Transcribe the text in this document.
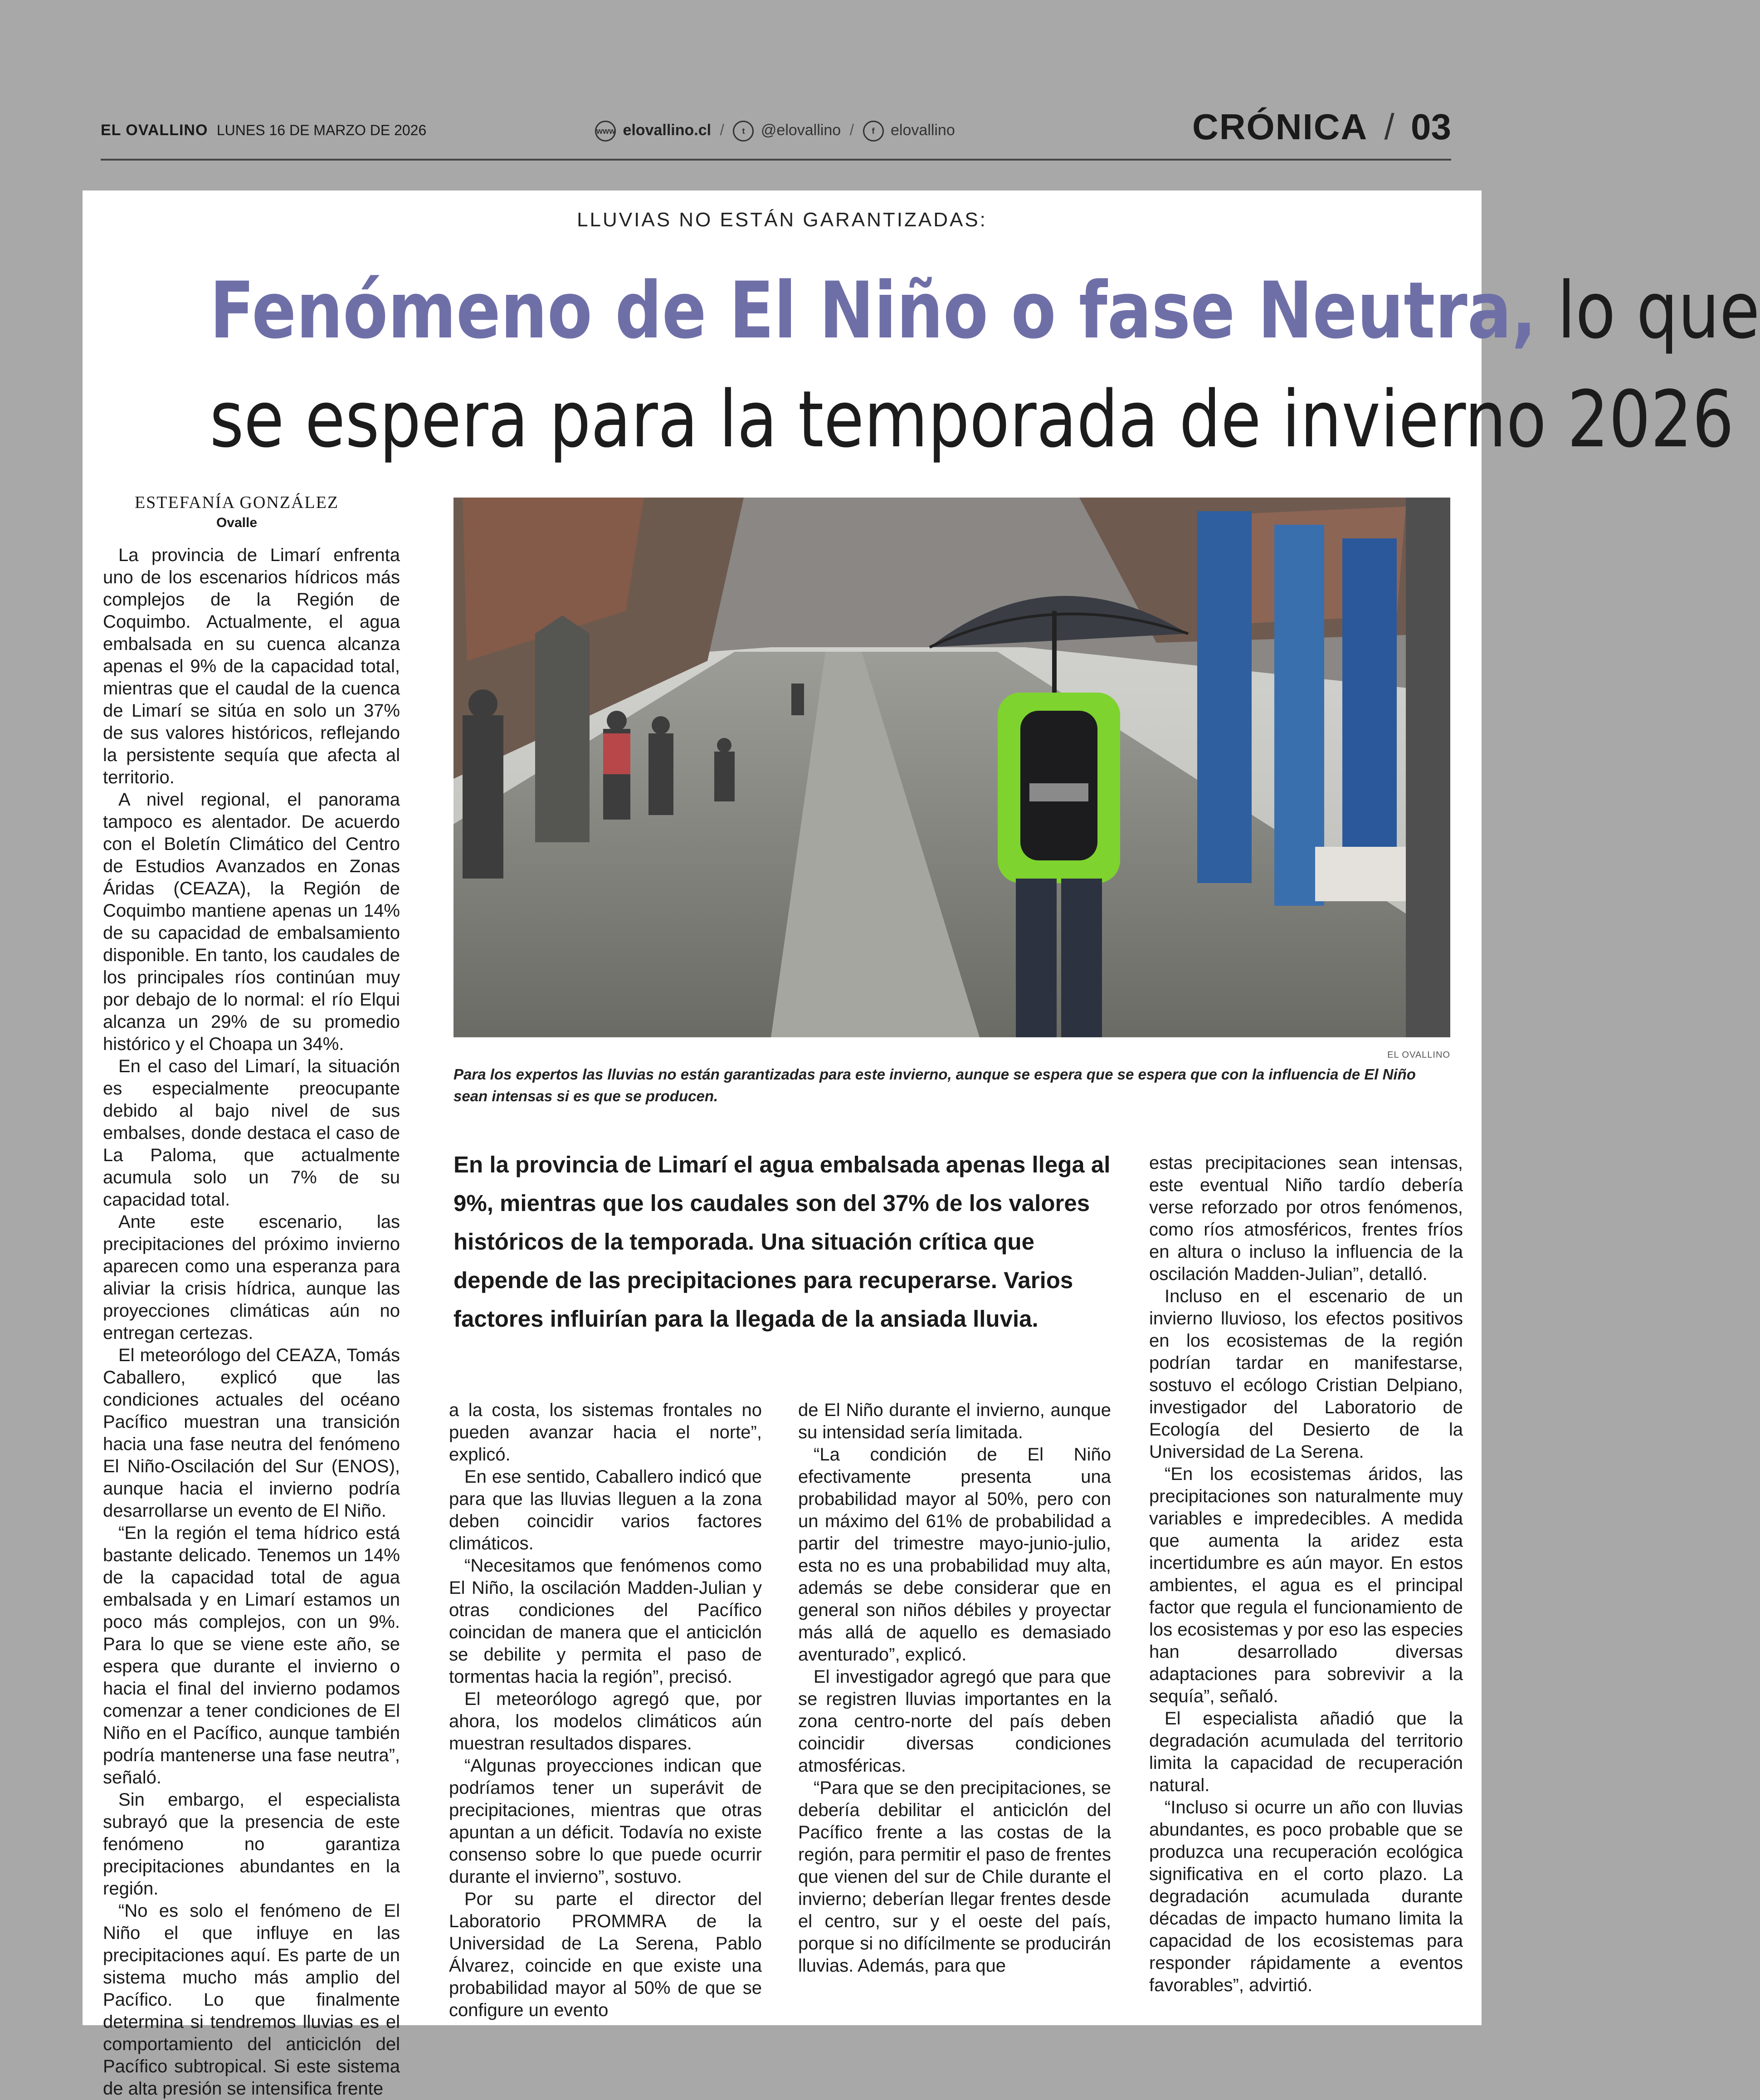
EL OVALLINO LUNES 16 DE MARZO DE 2026	www elovallino.cl / t @elovallino / f elovallino	CRÓNICA / 03
LLUVIAS NO ESTÁN GARANTIZADAS:
Fenómeno de El Niño o fase Neutra, lo que
se espera para la temporada de invierno 2026
ESTEFANÍA GONZÁLEZ
Ovalle

La provincia de Limarí enfrenta uno de los escenarios hídricos más complejos de la Región de Coquimbo. Actualmente, el agua embalsada en su cuenca alcanza apenas el 9% de la capacidad total, mientras que el caudal de la cuenca de Limarí se sitúa en solo un 37% de sus valores históricos, reflejando la persistente sequía que afecta al territorio.

A nivel regional, el panorama tampoco es alentador. De acuerdo con el Boletín Climático del Centro de Estudios Avanzados en Zonas Áridas (CEAZA), la Región de Coquimbo mantiene apenas un 14% de su capacidad de embalsamiento disponible. En tanto, los caudales de los principales ríos continúan muy por debajo de lo normal: el río Elqui alcanza un 29% de su promedio histórico y el Choapa un 34%.

En el caso del Limarí, la situación es especialmente preocupante debido al bajo nivel de sus embalses, donde destaca el caso de La Paloma, que actualmente acumula solo un 7% de su capacidad total.

Ante este escenario, las precipitaciones del próximo invierno aparecen como una esperanza para aliviar la crisis hídrica, aunque las proyecciones climáticas aún no entregan certezas.

El meteorólogo del CEAZA, Tomás Caballero, explicó que las condiciones actuales del océano Pacífico muestran una transición hacia una fase neutra del fenómeno El Niño-Oscilación del Sur (ENOS), aunque hacia el invierno podría desarrollarse un evento de El Niño.

“En la región el tema hídrico está bastante delicado. Tenemos un 14% de la capacidad total de agua embalsada y en Limarí estamos un poco más complejos, con un 9%. Para lo que se viene este año, se espera que durante el invierno o hacia el final del invierno podamos comenzar a tener condiciones de El Niño en el Pacífico, aunque también podría mantenerse una fase neutra”, señaló.

Sin embargo, el especialista subrayó que la presencia de este fenómeno no garantiza precipitaciones abundantes en la región.

“No es solo el fenómeno de El Niño el que influye en las precipitaciones aquí. Es parte de un sistema mucho más amplio del Pacífico. Lo que finalmente determina si tendremos lluvias es el comportamiento del anticiclón del Pacífico subtropical. Si este sistema de alta presión se intensifica frente

EL OVALLINO
Para los expertos las lluvias no están garantizadas para este invierno, aunque se espera que se espera que con la influencia de El Niño sean intensas si es que se producen.
En la provincia de Limarí el agua embalsada apenas llega al 9%, mientras que los caudales son del 37% de los valores históricos de la temporada. Una situación crítica que depende de las precipitaciones para recuperarse. Varios factores influirían para la llegada de la ansiada lluvia.

a la costa, los sistemas frontales no pueden avanzar hacia el norte”, explicó.

En ese sentido, Caballero indicó que para que las lluvias lleguen a la zona deben coincidir varios factores climáticos.

“Necesitamos que fenómenos como El Niño, la oscilación Madden-Julian y otras condiciones del Pacífico coincidan de manera que el anticiclón se debilite y permita el paso de tormentas hacia la región”, precisó.

El meteorólogo agregó que, por ahora, los modelos climáticos aún muestran resultados dispares.

“Algunas proyecciones indican que podríamos tener un superávit de precipitaciones, mientras que otras apuntan a un déficit. Todavía no existe consenso sobre lo que puede ocurrir durante el invierno”, sostuvo.

Por su parte el director del Laboratorio PROMMRA de la Universidad de La Serena, Pablo Álvarez, coincide en que existe una probabilidad mayor al 50% de que se configure un evento

de El Niño durante el invierno, aunque su intensidad sería limitada.

“La condición de El Niño efectivamente presenta una probabilidad mayor al 50%, pero con un máximo del 61% de probabilidad a partir del trimestre mayo-junio-julio, esta no es una probabilidad muy alta, además se debe considerar que en general son niños débiles y proyectar más allá de aquello es demasiado aventurado”, explicó.

El investigador agregó que para que se registren lluvias importantes en la zona centro-norte del país deben coincidir diversas condiciones atmosféricas.

“Para que se den precipitaciones, se debería debilitar el anticiclón del Pacífico frente a las costas de la región, para permitir el paso de frentes que vienen del sur de Chile durante el invierno; deberían llegar frentes desde el centro, sur y el oeste del país, porque si no difícilmente se producirán lluvias. Además, para que

estas precipitaciones sean intensas, este eventual Niño tardío debería verse reforzado por otros fenómenos, como ríos atmosféricos, frentes fríos en altura o incluso la influencia de la oscilación Madden-Julian”, detalló.

Incluso en el escenario de un invierno lluvioso, los efectos positivos en los ecosistemas de la región podrían tardar en manifestarse, sostuvo el ecólogo Cristian Delpiano, investigador del Laboratorio de Ecología del Desierto de la Universidad de La Serena.

“En los ecosistemas áridos, las precipitaciones son naturalmente muy variables e impredecibles. A medida que aumenta la aridez esta incertidumbre es aún mayor. En estos ambientes, el agua es el principal factor que regula el funcionamiento de los ecosistemas y por eso las especies han desarrollado diversas adaptaciones para sobrevivir a la sequía”, señaló.

El especialista añadió que la degradación acumulada del territorio limita la capacidad de recuperación natural.

“Incluso si ocurre un año con lluvias abundantes, es poco probable que se produzca una recuperación ecológica significativa en el corto plazo. La degradación acumulada durante décadas de impacto humano limita la capacidad de los ecosistemas para responder rápidamente a eventos favorables”, advirtió.
